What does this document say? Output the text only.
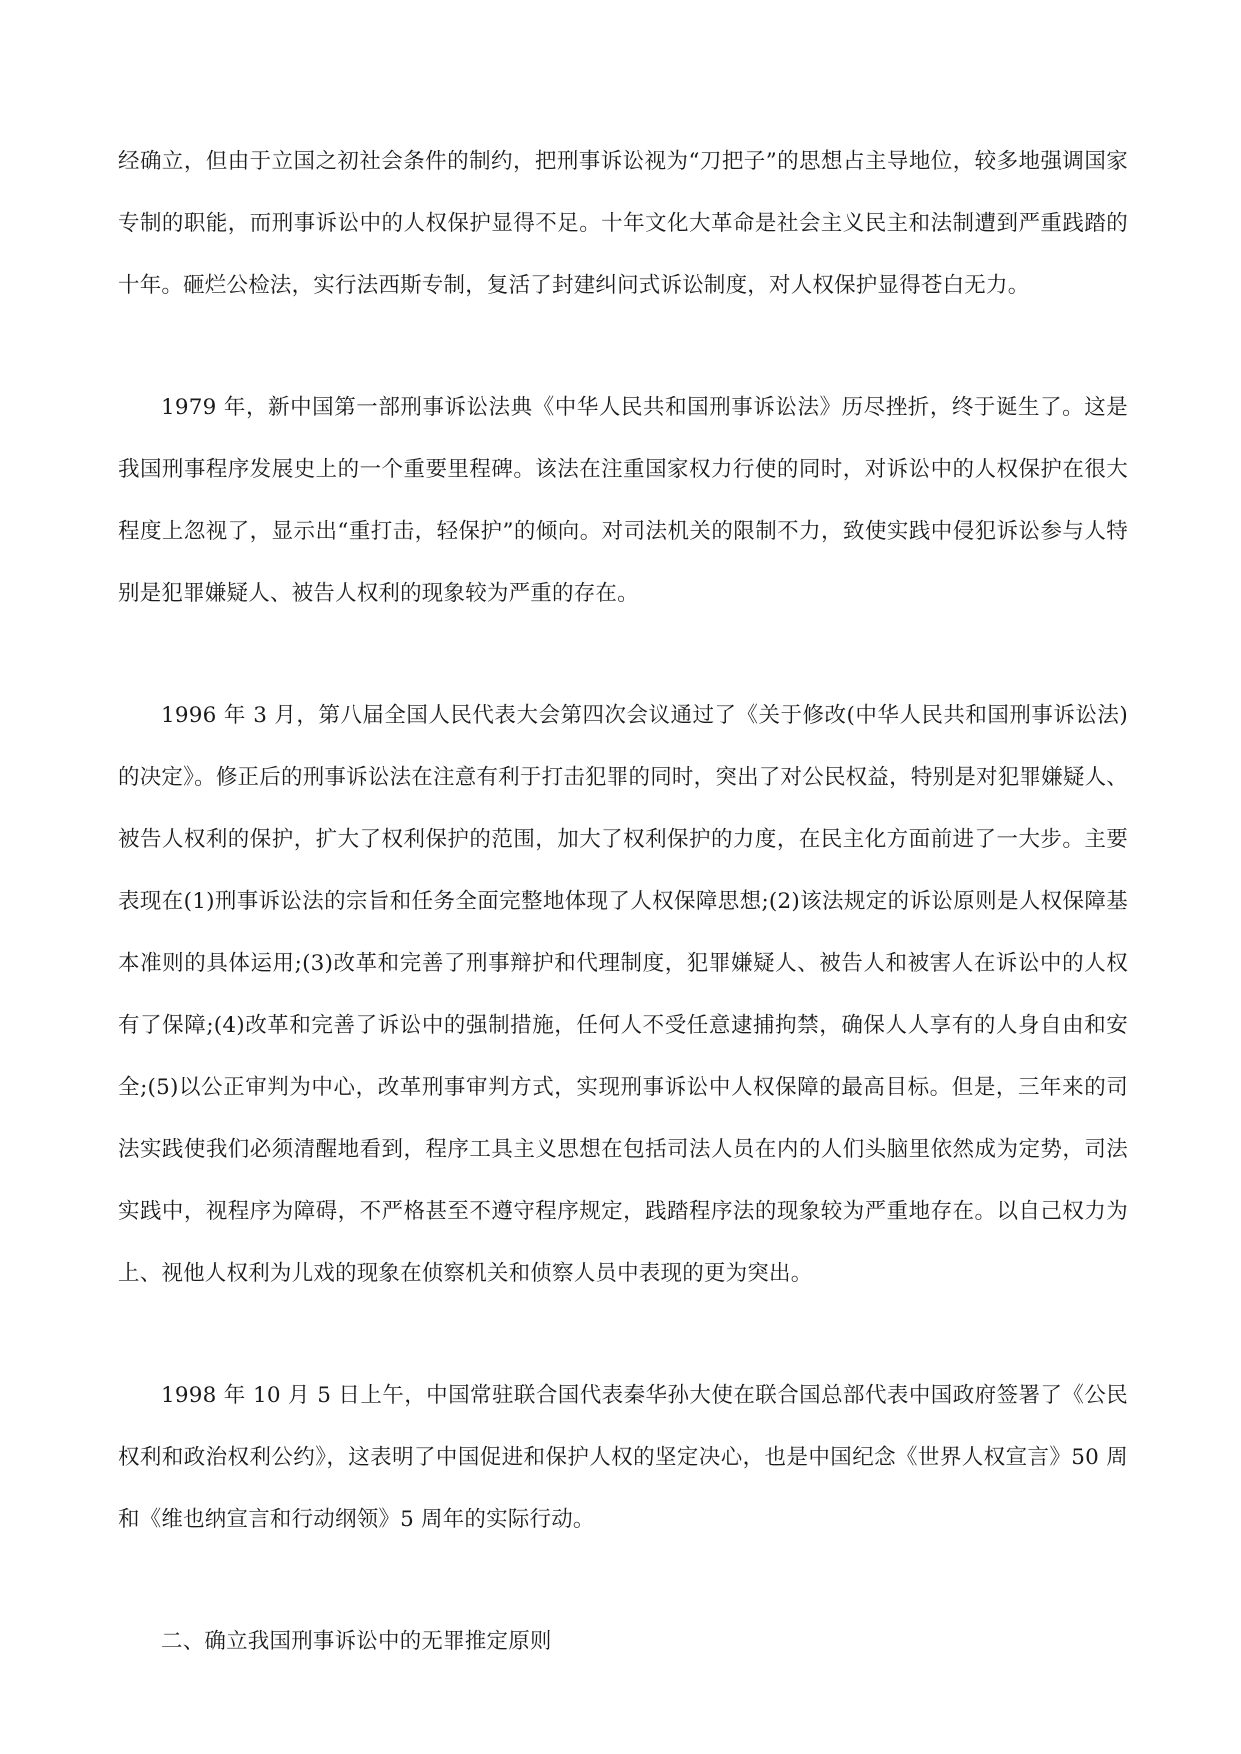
经确立，但由于立国之初社会条件的制约，把刑事诉讼视为“刀把子”的思想占主导地位，较多地强调国家专制的职能，而刑事诉讼中的人权保护显得不足。十年文化大革命是社会主义民主和法制遭到严重践踏的十年。砸烂公检法，实行法西斯专制，复活了封建纠问式诉讼制度，对人权保护显得苍白无力。

1979 年，新中国第一部刑事诉讼法典《中华人民共和国刑事诉讼法》历尽挫折，终于诞生了。这是我国刑事程序发展史上的一个重要里程碑。该法在注重国家权力行使的同时，对诉讼中的人权保护在很大程度上忽视了，显示出“重打击，轻保护”的倾向。对司法机关的限制不力，致使实践中侵犯诉讼参与人特别是犯罪嫌疑人、被告人权利的现象较为严重的存在。

1996 年 3 月，第八届全国人民代表大会第四次会议通过了《关于修改(中华人民共和国刑事诉讼法)的决定》。修正后的刑事诉讼法在注意有利于打击犯罪的同时，突出了对公民权益，特别是对犯罪嫌疑人、被告人权利的保护，扩大了权利保护的范围，加大了权利保护的力度，在民主化方面前进了一大步。主要表现在(1)刑事诉讼法的宗旨和任务全面完整地体现了人权保障思想;(2)该法规定的诉讼原则是人权保障基本准则的具体运用;(3)改革和完善了刑事辩护和代理制度，犯罪嫌疑人、被告人和被害人在诉讼中的人权有了保障;(4)改革和完善了诉讼中的强制措施，任何人不受任意逮捕拘禁，确保人人享有的人身自由和安全;(5)以公正审判为中心，改革刑事审判方式，实现刑事诉讼中人权保障的最高目标。但是，三年来的司法实践使我们必须清醒地看到，程序工具主义思想在包括司法人员在内的人们头脑里依然成为定势，司法实践中，视程序为障碍，不严格甚至不遵守程序规定，践踏程序法的现象较为严重地存在。以自己权力为上、视他人权利为儿戏的现象在侦察机关和侦察人员中表现的更为突出。

1998 年 10 月 5 日上午，中国常驻联合国代表秦华孙大使在联合国总部代表中国政府签署了《公民权利和政治权利公约》，这表明了中国促进和保护人权的坚定决心，也是中国纪念《世界人权宣言》50 周和《维也纳宣言和行动纲领》5 周年的实际行动。

二、确立我国刑事诉讼中的无罪推定原则
